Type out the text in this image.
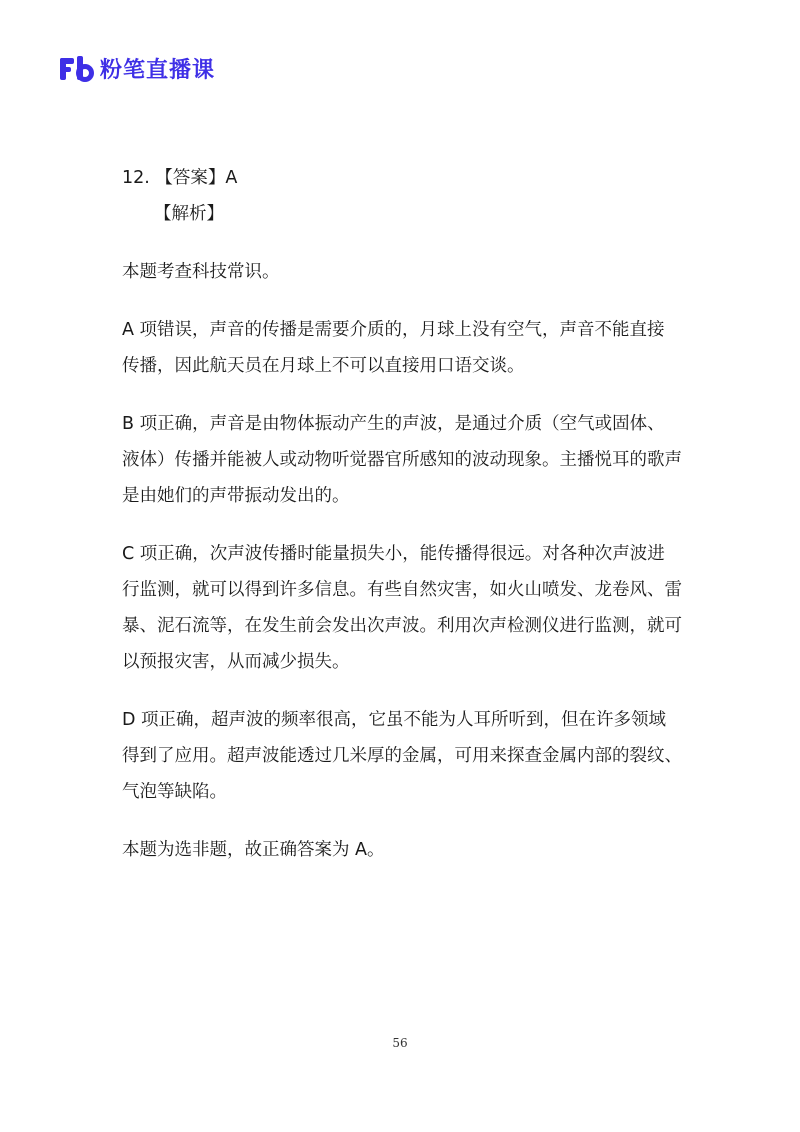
粉笔直播课

12. 【答案】A

【解析】

本题考查科技常识。

A 项错误，声音的传播是需要介质的，月球上没有空气，声音不能直接传播，因此航天员在月球上不可以直接用口语交谈。

B 项正确，声音是由物体振动产生的声波，是通过介质（空气或固体、液体）传播并能被人或动物听觉器官所感知的波动现象。主播悦耳的歌声是由她们的声带振动发出的。

C 项正确，次声波传播时能量损失小，能传播得很远。对各种次声波进行监测，就可以得到许多信息。有些自然灾害，如火山喷发、龙卷风、雷暴、泥石流等，在发生前会发出次声波。利用次声检测仪进行监测，就可以预报灾害，从而减少损失。

D 项正确，超声波的频率很高，它虽不能为人耳所听到，但在许多领域得到了应用。超声波能透过几米厚的金属，可用来探查金属内部的裂纹、气泡等缺陷。

本题为选非题，故正确答案为 A。

56
